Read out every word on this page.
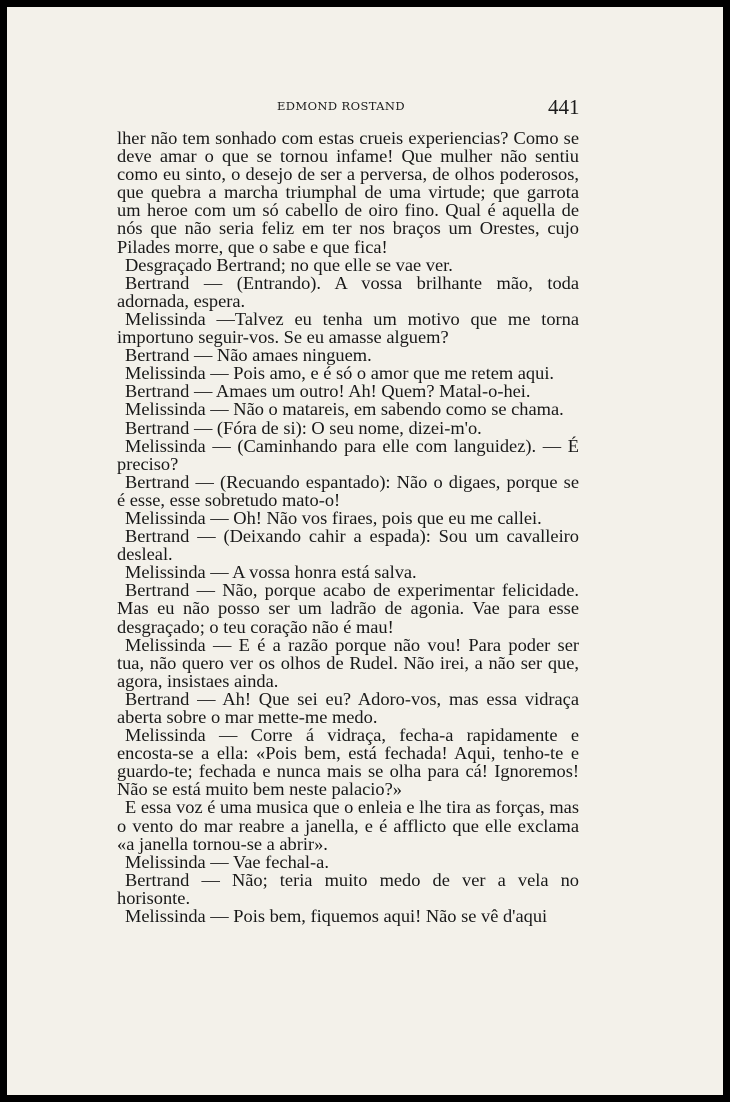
EDMOND ROSTAND	441

lher não tem sonhado com estas crueis experiencias? Como se deve amar o que se tornou infame! Que mulher não sentiu como eu sinto, o desejo de ser a perversa, de olhos poderosos, que quebra a marcha triumphal de uma virtude; que garrota um heroe com um só cabello de oiro fino. Qual é aquella de nós que não seria feliz em ter nos braços um Orestes, cujo Pilades morre, que o sabe e que fica!

Desgraçado Bertrand; no que elle se vae ver.

Bertrand — (Entrando). A vossa brilhante mão, toda adornada, espera.

Melissinda —Talvez eu tenha um motivo que me torna importuno seguir-vos. Se eu amasse alguem?

Bertrand — Não amaes ninguem.

Melissinda — Pois amo, e é só o amor que me retem aqui.

Bertrand — Amaes um outro! Ah! Quem? Matal-o-hei.

Melissinda — Não o matareis, em sabendo como se chama.

Bertrand — (Fóra de si): O seu nome, dizei-m'o.

Melissinda — (Caminhando para elle com languidez). — É preciso?

Bertrand — (Recuando espantado): Não o digaes, porque se é esse, esse sobretudo mato-o!

Melissinda — Oh! Não vos firaes, pois que eu me callei.

Bertrand — (Deixando cahir a espada): Sou um cavalleiro desleal.

Melissinda — A vossa honra está salva.

Bertrand — Não, porque acabo de experimentar felicidade. Mas eu não posso ser um ladrão de agonia. Vae para esse desgraçado; o teu coração não é mau!

Melissinda — E é a razão porque não vou! Para poder ser tua, não quero ver os olhos de Rudel. Não irei, a não ser que, agora, insistaes ainda.

Bertrand — Ah! Que sei eu? Adoro-vos, mas essa vidraça aberta sobre o mar mette-me medo.

Melissinda — Corre á vidraça, fecha-a rapidamente e encosta-se a ella: «Pois bem, está fechada! Aqui, tenho-te e guardo-te; fechada e nunca mais se olha para cá! Ignoremos! Não se está muito bem neste palacio?»

E essa voz é uma musica que o enleia e lhe tira as forças, mas o vento do mar reabre a janella, e é afflicto que elle exclama «a janella tornou-se a abrir».

Melissinda — Vae fechal-a.

Bertrand — Não; teria muito medo de ver a vela no horisonte.

Melissinda — Pois bem, fiquemos aqui! Não se vê d'aqui
